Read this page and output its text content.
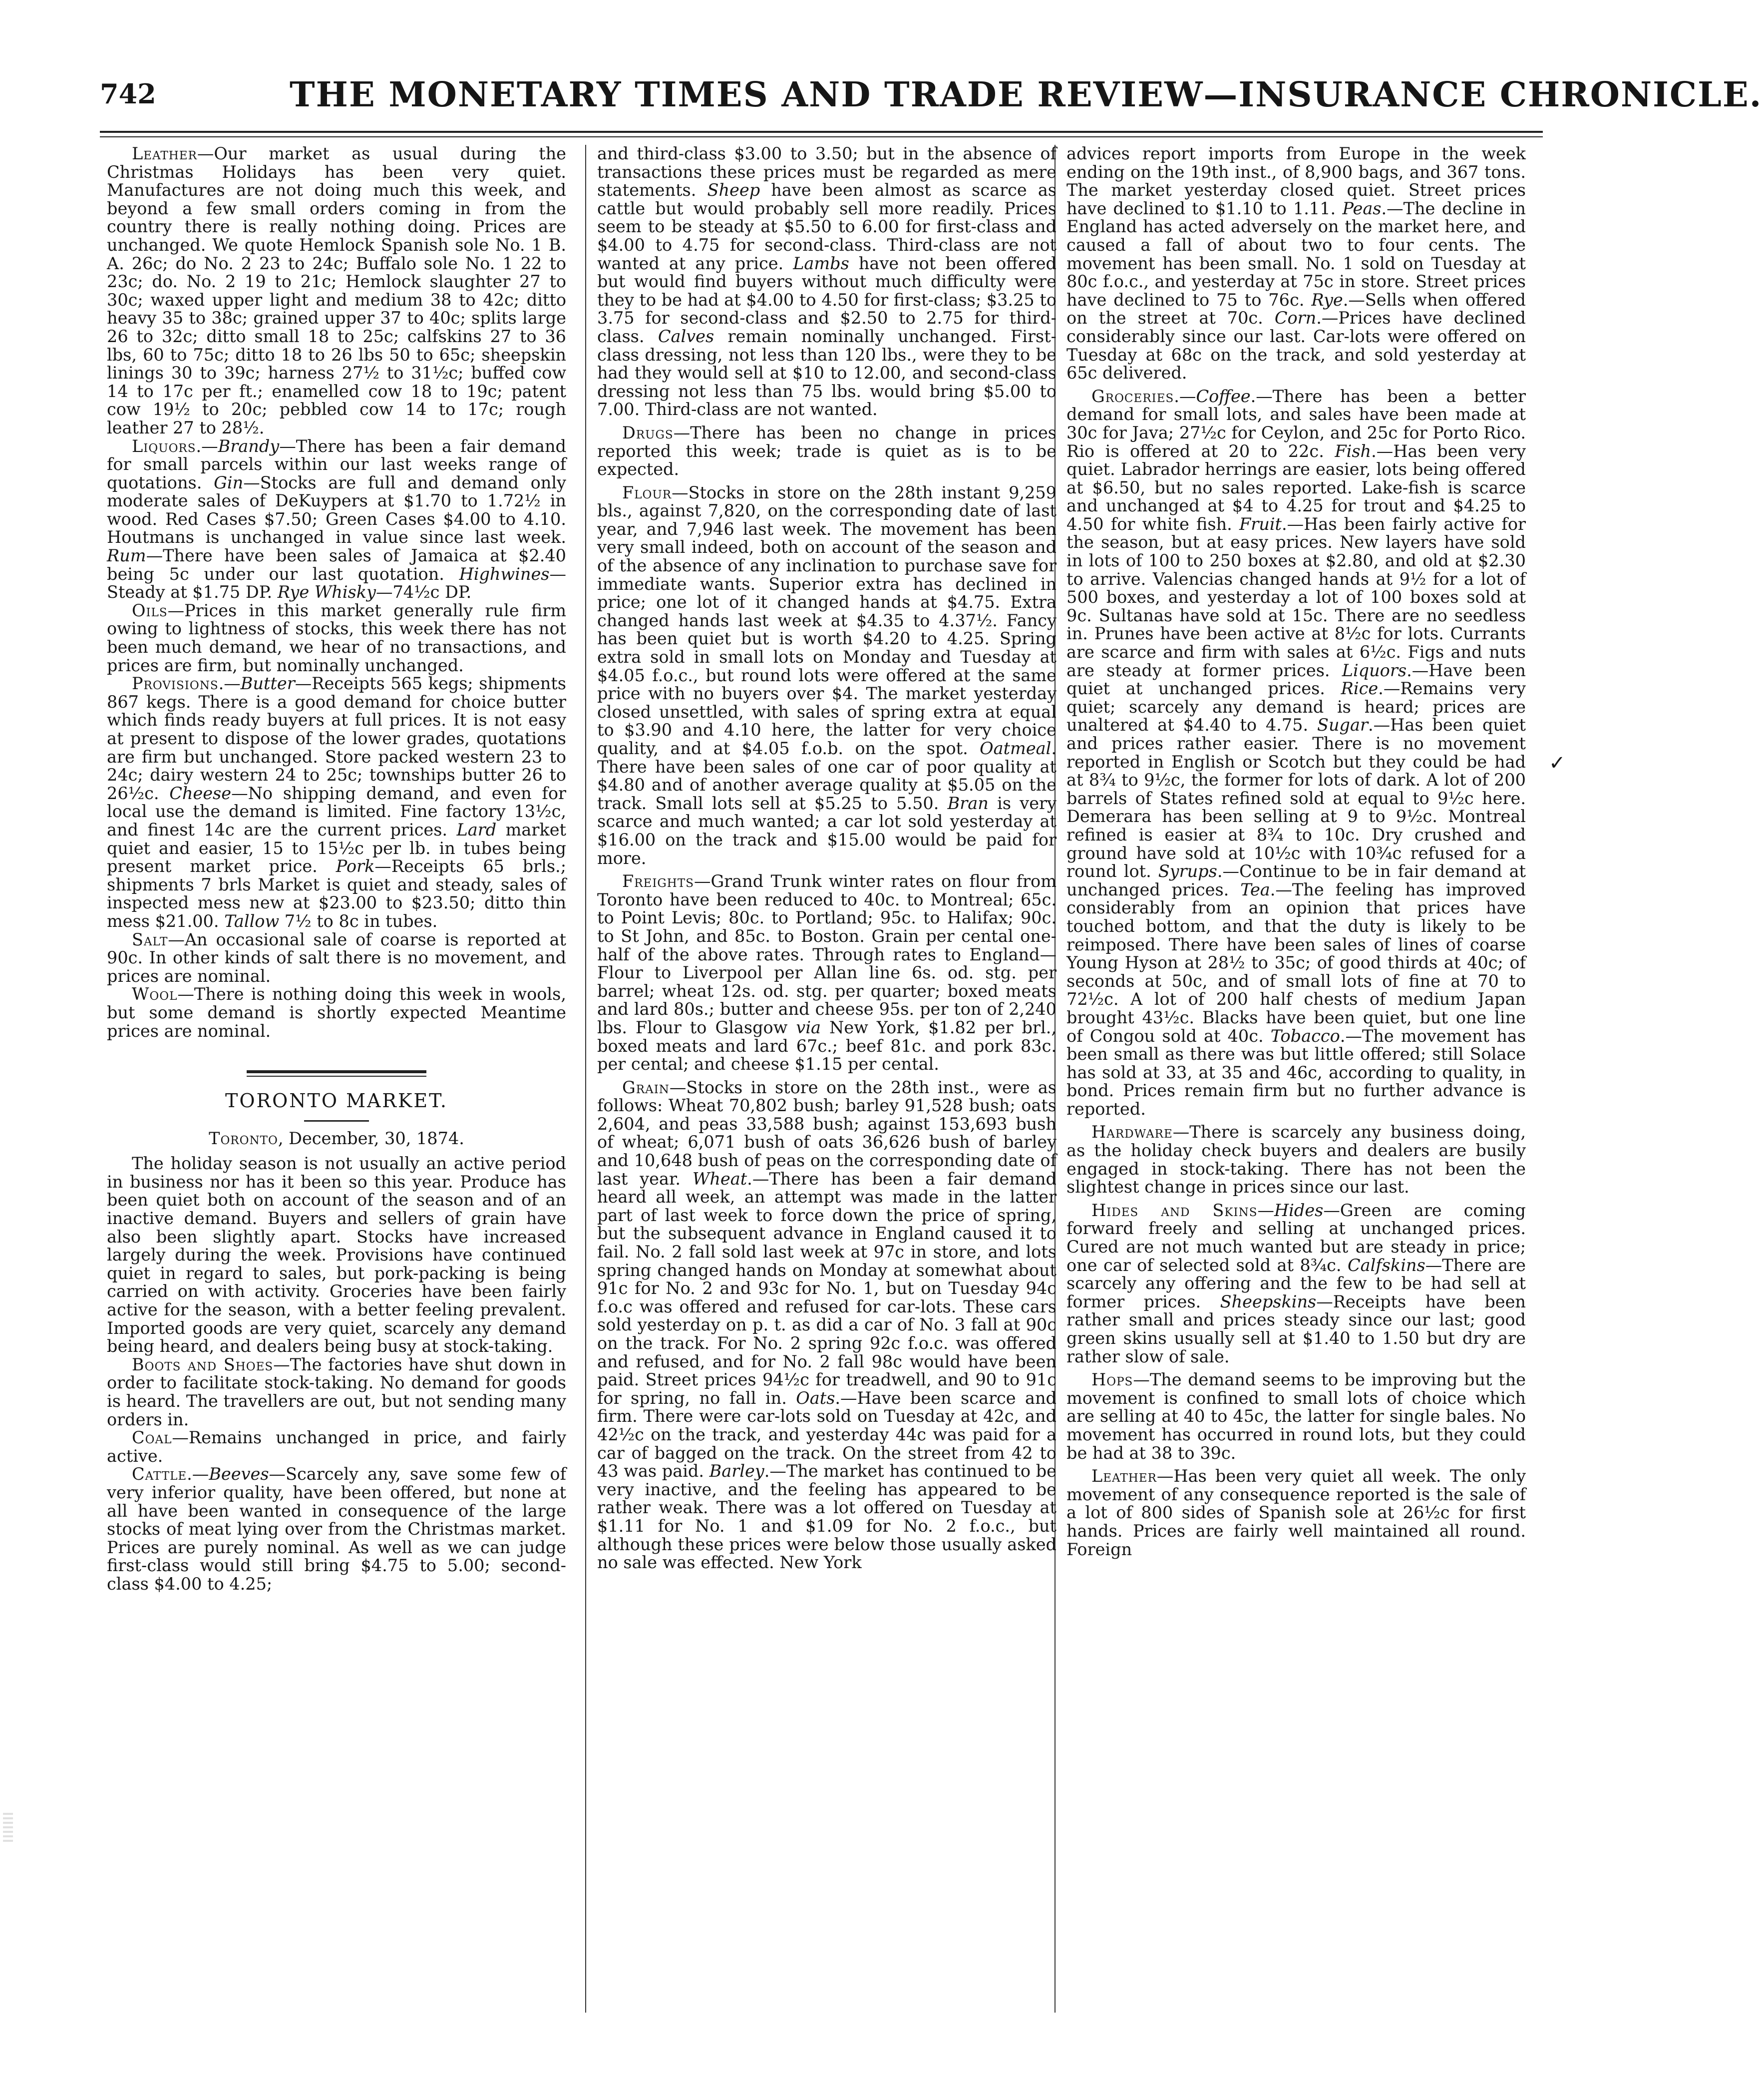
742	THE MONETARY TIMES AND TRADE REVIEW—INSURANCE CHRONICLE.

Leather—Our market as usual during the Christmas Holidays has been very quiet. Manufactures are not doing much this week, and beyond a few small orders coming in from the country there is really nothing doing. Prices are unchanged. We quote Hemlock Spanish sole No. 1 B. A. 26c; do No. 2 23 to 24c; Buffalo sole No. 1 22 to 23c; do. No. 2 19 to 21c; Hemlock slaughter 27 to 30c; waxed upper light and medium 38 to 42c; ditto heavy 35 to 38c; grained upper 37 to 40c; splits large 26 to 32c; ditto small 18 to 25c; calfskins 27 to 36 lbs, 60 to 75c; ditto 18 to 26 lbs 50 to 65c; sheepskin linings 30 to 39c; harness 27½ to 31½c; buffed cow 14 to 17c per ft.; enamelled cow 18 to 19c; patent cow 19½ to 20c; pebbled cow 14 to 17c; rough leather 27 to 28½.

Liquors.—Brandy—There has been a fair demand for small parcels within our last weeks range of quotations. Gin—Stocks are full and demand only moderate sales of DeKuypers at $1.70 to 1.72½ in wood. Red Cases $7.50; Green Cases $4.00 to 4.10. Houtmans is unchanged in value since last week. Rum—There have been sales of Jamaica at $2.40 being 5c under our last quotation. Highwines—Steady at $1.75 DP. Rye Whisky—74½c DP.

Oils—Prices in this market generally rule firm owing to lightness of stocks, this week there has not been much demand, we hear of no transactions, and prices are firm, but nominally unchanged.

Provisions.—Butter—Receipts 565 kegs; shipments 867 kegs. There is a good demand for choice butter which finds ready buyers at full prices. It is not easy at present to dispose of the lower grades, quotations are firm but unchanged. Store packed western 23 to 24c; dairy western 24 to 25c; townships butter 26 to 26½c. Cheese—No shipping demand, and even for local use the demand is limited. Fine factory 13½c, and finest 14c are the current prices. Lard market quiet and easier, 15 to 15½c per lb. in tubes being present market price. Pork—Receipts 65 brls.; shipments 7 brls Market is quiet and steady, sales of inspected mess new at $23.00 to $23.50; ditto thin mess $21.00. Tallow 7½ to 8c in tubes.

Salt—An occasional sale of coarse is reported at 90c. In other kinds of salt there is no movement, and prices are nominal.

Wool—There is nothing doing this week in wools, but some demand is shortly expected Meantime prices are nominal.

TORONTO MARKET.
Toronto, December, 30, 1874.

The holiday season is not usually an active period in business nor has it been so this year. Produce has been quiet both on account of the season and of an inactive demand. Buyers and sellers of grain have also been slightly apart. Stocks have increased largely during the week. Provisions have continued quiet in regard to sales, but pork-packing is being carried on with activity. Groceries have been fairly active for the season, with a better feeling prevalent. Imported goods are very quiet, scarcely any demand being heard, and dealers being busy at stock-taking.

Boots and Shoes—The factories have shut down in order to facilitate stock-taking. No demand for goods is heard. The travellers are out, but not sending many orders in.

Coal—Remains unchanged in price, and fairly active.

Cattle.—Beeves—Scarcely any, save some few of very inferior quality, have been offered, but none at all have been wanted in consequence of the large stocks of meat lying over from the Christmas market. Prices are purely nominal. As well as we can judge first-class would still bring $4.75 to 5.00; second-class $4.00 to 4.25;

and third-class $3.00 to 3.50; but in the absence of transactions these prices must be regarded as mere statements. Sheep have been almost as scarce as cattle but would probably sell more readily. Prices seem to be steady at $5.50 to 6.00 for first-class and $4.00 to 4.75 for second-class. Third-class are not wanted at any price. Lambs have not been offered but would find buyers without much difficulty were they to be had at $4.00 to 4.50 for first-class; $3.25 to 3.75 for second-class and $2.50 to 2.75 for third-class. Calves remain nominally unchanged. First-class dressing, not less than 120 lbs., were they to be had they would sell at $10 to 12.00, and second-class dressing not less than 75 lbs. would bring $5.00 to 7.00. Third-class are not wanted.

Drugs—There has been no change in prices reported this week; trade is quiet as is to be expected.

Flour—Stocks in store on the 28th instant 9,259 bls., against 7,820, on the corresponding date of last year, and 7,946 last week. The movement has been very small indeed, both on account of the season and of the absence of any inclination to purchase save for immediate wants. Superior extra has declined in price; one lot of it changed hands at $4.75. Extra changed hands last week at $4.35 to 4.37½. Fancy has been quiet but is worth $4.20 to 4.25. Spring extra sold in small lots on Monday and Tuesday at $4.05 f.o.c., but round lots were offered at the same price with no buyers over $4. The market yesterday closed unsettled, with sales of spring extra at equal to $3.90 and 4.10 here, the latter for very choice quality, and at $4.05 f.o.b. on the spot. Oatmeal. There have been sales of one car of poor quality at $4.80 and of another average quality at $5.05 on the track. Small lots sell at $5.25 to 5.50. Bran is very scarce and much wanted; a car lot sold yesterday at $16.00 on the track and $15.00 would be paid for more.

Freights—Grand Trunk winter rates on flour from Toronto have been reduced to 40c. to Montreal; 65c. to Point Levis; 80c. to Portland; 95c. to Halifax; 90c. to St John, and 85c. to Boston. Grain per cental one-half of the above rates. Through rates to England—Flour to Liverpool per Allan line 6s. od. stg. per barrel; wheat 12s. od. stg. per quarter; boxed meats and lard 80s.; butter and cheese 95s. per ton of 2,240 lbs. Flour to Glasgow via New York, $1.82 per brl., boxed meats and lard 67c.; beef 81c. and pork 83c. per cental; and cheese $1.15 per cental.

Grain—Stocks in store on the 28th inst., were as follows: Wheat 70,802 bush; barley 91,528 bush; oats 2,604, and peas 33,588 bush; against 153,693 bush of wheat; 6,071 bush of oats 36,626 bush of barley and 10,648 bush of peas on the corresponding date of last year. Wheat.—There has been a fair demand heard all week, an attempt was made in the latter part of last week to force down the price of spring, but the subsequent advance in England caused it to fail. No. 2 fall sold last week at 97c in store, and lots spring changed hands on Monday at somewhat about 91c for No. 2 and 93c for No. 1, but on Tuesday 94c f.o.c was offered and refused for car-lots. These cars sold yesterday on p. t. as did a car of No. 3 fall at 90c on the track. For No. 2 spring 92c f.o.c. was offered and refused, and for No. 2 fall 98c would have been paid. Street prices 94½c for treadwell, and 90 to 91c for spring, no fall in. Oats.—Have been scarce and firm. There were car-lots sold on Tuesday at 42c, and 42½c on the track, and yesterday 44c was paid for a car of bagged on the track. On the street from 42 to 43 was paid. Barley.—The market has continued to be very inactive, and the feeling has appeared to be rather weak. There was a lot offered on Tuesday at $1.11 for No. 1 and $1.09 for No. 2 f.o.c., but although these prices were below those usually asked no sale was effected. New York

advices report imports from Europe in the week ending on the 19th inst., of 8,900 bags, and 367 tons. The market yesterday closed quiet. Street prices have declined to $1.10 to 1.11. Peas.—The decline in England has acted adversely on the market here, and caused a fall of about two to four cents. The movement has been small. No. 1 sold on Tuesday at 80c f.o.c., and yesterday at 75c in store. Street prices have declined to 75 to 76c. Rye.—Sells when offered on the street at 70c. Corn.—Prices have declined considerably since our last. Car-lots were offered on Tuesday at 68c on the track, and sold yesterday at 65c delivered.

Groceries.—Coffee.—There has been a better demand for small lots, and sales have been made at 30c for Java; 27½c for Ceylon, and 25c for Porto Rico. Rio is offered at 20 to 22c. Fish.—Has been very quiet. Labrador herrings are easier, lots being offered at $6.50, but no sales reported. Lake-fish is scarce and unchanged at $4 to 4.25 for trout and $4.25 to 4.50 for white fish. Fruit.—Has been fairly active for the season, but at easy prices. New layers have sold in lots of 100 to 250 boxes at $2.80, and old at $2.30 to arrive. Valencias changed hands at 9½ for a lot of 500 boxes, and yesterday a lot of 100 boxes sold at 9c. Sultanas have sold at 15c. There are no seedless in. Prunes have been active at 8½c for lots. Currants are scarce and firm with sales at 6½c. Figs and nuts are steady at former prices. Liquors.—Have been quiet at unchanged prices. Rice.—Remains very quiet; scarcely any demand is heard; prices are unaltered at $4.40 to 4.75. Sugar.—Has been quiet and prices rather easier. There is no movement reported in English or Scotch but they could be had at 8¾ to 9½c, the former for lots of dark. A lot of 200 barrels of States refined sold at equal to 9½c here. Demerara has been selling at 9 to 9½c. Montreal refined is easier at 8¾ to 10c. Dry crushed and ground have sold at 10½c with 10¾c refused for a round lot. Syrups.—Continue to be in fair demand at unchanged prices. Tea.—The feeling has improved considerably from an opinion that prices have touched bottom, and that the duty is likely to be reimposed. There have been sales of lines of coarse Young Hyson at 28½ to 35c; of good thirds at 40c; of seconds at 50c, and of small lots of fine at 70 to 72½c. A lot of 200 half chests of medium Japan brought 43½c. Blacks have been quiet, but one line of Congou sold at 40c. Tobacco.—The movement has been small as there was but little offered; still Solace has sold at 33, at 35 and 46c, according to quality, in bond. Prices remain firm but no further advance is reported.

Hardware—There is scarcely any business doing, as the holiday check buyers and dealers are busily engaged in stock-taking. There has not been the slightest change in prices since our last.

Hides and Skins—Hides—Green are coming forward freely and selling at unchanged prices. Cured are not much wanted but are steady in price; one car of selected sold at 8¾c. Calfskins—There are scarcely any offering and the few to be had sell at former prices. Sheepskins—Receipts have been rather small and prices steady since our last; good green skins usually sell at $1.40 to 1.50 but dry are rather slow of sale.

Hops—The demand seems to be improving but the movement is confined to small lots of choice which are selling at 40 to 45c, the latter for single bales. No movement has occurred in round lots, but they could be had at 38 to 39c.

Leather—Has been very quiet all week. The only movement of any consequence reported is the sale of a lot of 800 sides of Spanish sole at 26½c for first hands. Prices are fairly well maintained all round. Foreign

✓
